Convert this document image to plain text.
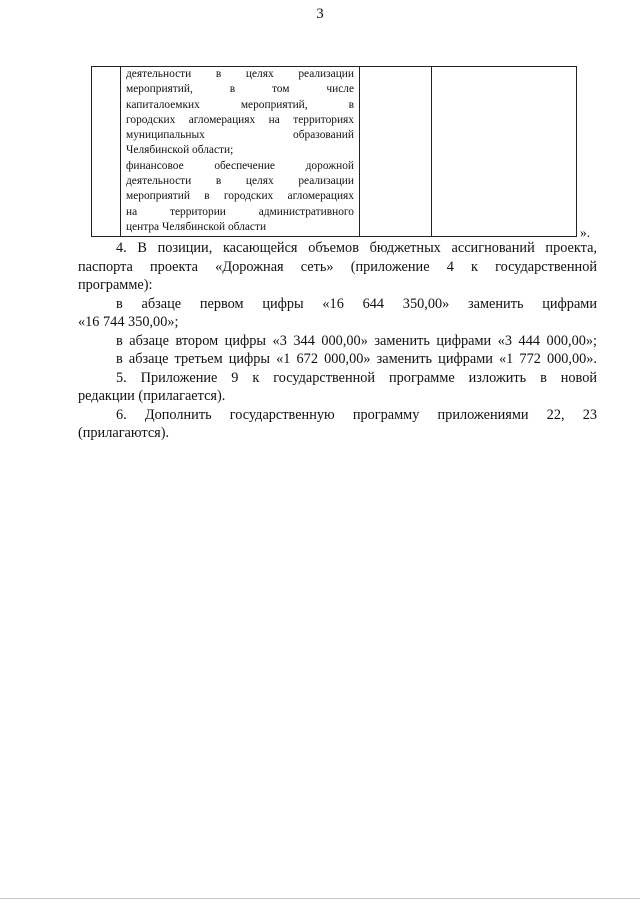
3
деятельности в целях реализации
мероприятий, в том числе
капиталоемких мероприятий, в
городских агломерациях на территориях
муниципальных образований
Челябинской области;
финансовое обеспечение дорожной
деятельности в целях реализации
мероприятий в городских агломерациях
на территории административного
центра Челябинской области	».
4. В позиции, касающейся объемов бюджетных ассигнований проекта,
паспорта проекта «Дорожная сеть» (приложение 4 к государственной
программе):
в абзаце первом цифры «16 644 350,00» заменить цифрами
«16 744 350,00»;
в абзаце втором цифры «3 344 000,00» заменить цифрами «3 444 000,00»;
в абзаце третьем цифры «1 672 000,00» заменить цифрами «1 772 000,00».
5. Приложение 9 к государственной программе изложить в новой
редакции (прилагается).
6. Дополнить государственную программу приложениями 22, 23
(прилагаются).
